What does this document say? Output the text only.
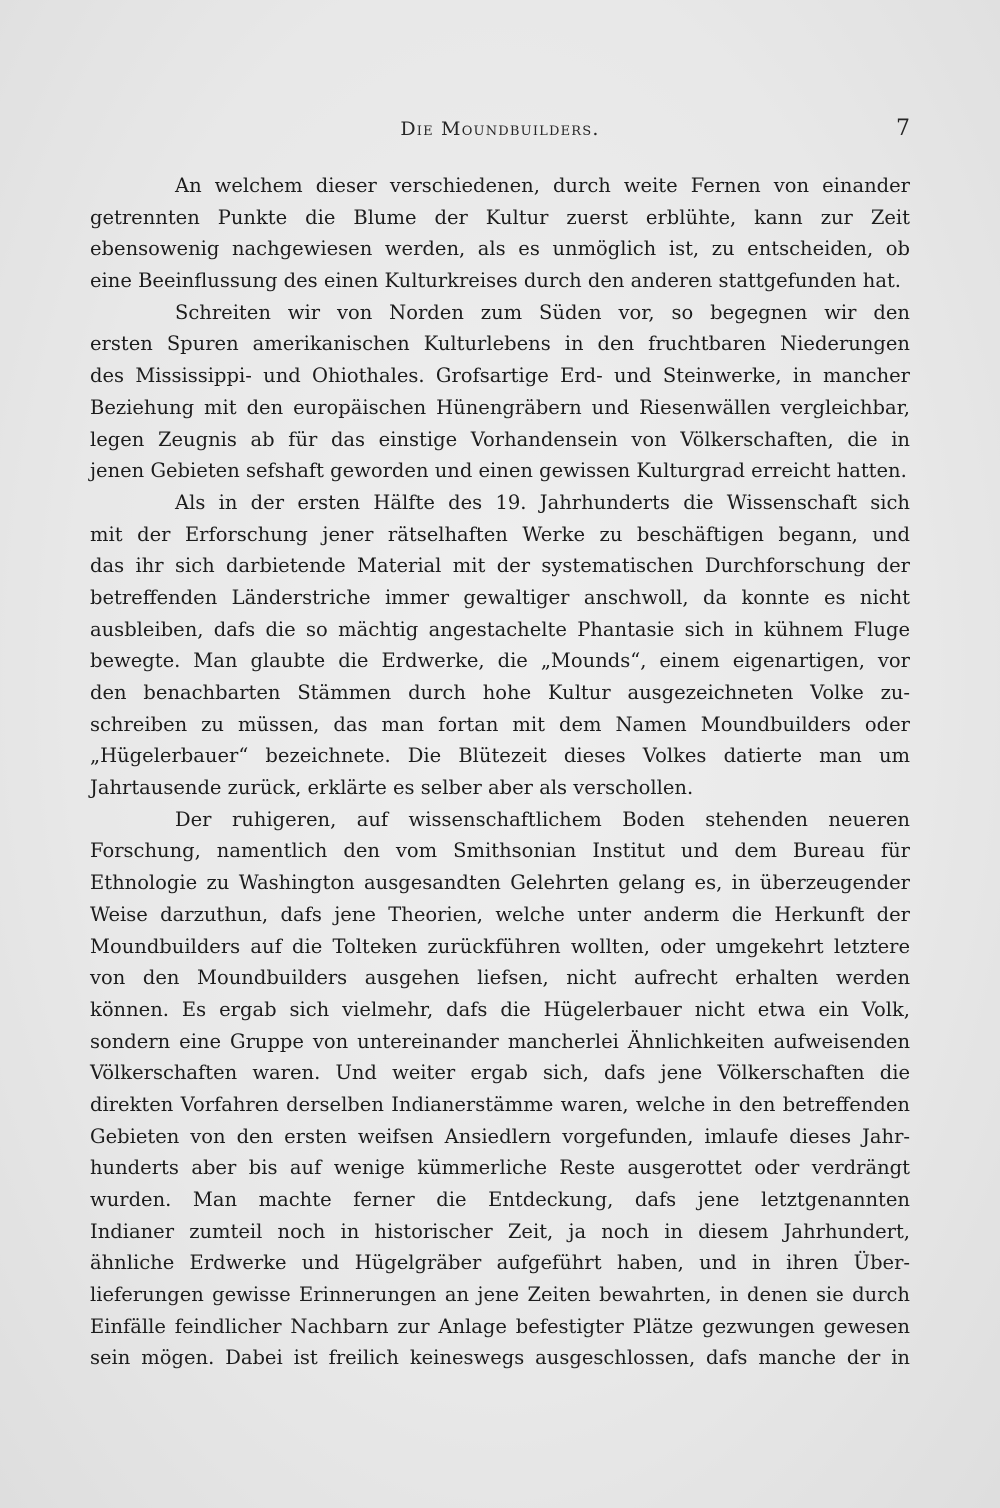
Die Moundbuilders.	7

An welchem dieser verschiedenen, durch weite Fernen von einander
getrennten Punkte die Blume der Kultur zuerst erblühte, kann zur Zeit
ebensowenig nachgewiesen werden, als es unmöglich ist, zu entscheiden, ob
eine Beeinflussung des einen Kulturkreises durch den anderen stattgefunden hat.

Schreiten wir von Norden zum Süden vor, so begegnen wir den
ersten Spuren amerikanischen Kulturlebens in den fruchtbaren Niederungen
des Mississippi- und Ohiothales. Grofsartige Erd- und Steinwerke, in mancher
Beziehung mit den europäischen Hünengräbern und Riesenwällen vergleichbar,
legen Zeugnis ab für das einstige Vorhandensein von Völkerschaften, die in
jenen Gebieten sefshaft geworden und einen gewissen Kulturgrad erreicht hatten.

Als in der ersten Hälfte des 19. Jahrhunderts die Wissenschaft sich
mit der Erforschung jener rätselhaften Werke zu beschäftigen begann, und
das ihr sich darbietende Material mit der systematischen Durchforschung der
betreffenden Länderstriche immer gewaltiger anschwoll, da konnte es nicht
ausbleiben, dafs die so mächtig angestachelte Phantasie sich in kühnem Fluge
bewegte. Man glaubte die Erdwerke, die „Mounds“, einem eigenartigen, vor
den benachbarten Stämmen durch hohe Kultur ausgezeichneten Volke zu-
schreiben zu müssen, das man fortan mit dem Namen Moundbuilders oder
„Hügelerbauer“ bezeichnete. Die Blütezeit dieses Volkes datierte man um
Jahrtausende zurück, erklärte es selber aber als verschollen.

Der ruhigeren, auf wissenschaftlichem Boden stehenden neueren
Forschung, namentlich den vom Smithsonian Institut und dem Bureau für
Ethnologie zu Washington ausgesandten Gelehrten gelang es, in überzeugender
Weise darzuthun, dafs jene Theorien, welche unter anderm die Herkunft der
Moundbuilders auf die Tolteken zurückführen wollten, oder umgekehrt letztere
von den Moundbuilders ausgehen liefsen, nicht aufrecht erhalten werden
können. Es ergab sich vielmehr, dafs die Hügelerbauer nicht etwa ein Volk,
sondern eine Gruppe von untereinander mancherlei Ähnlichkeiten aufweisenden
Völkerschaften waren. Und weiter ergab sich, dafs jene Völkerschaften die
direkten Vorfahren derselben Indianerstämme waren, welche in den betreffenden
Gebieten von den ersten weifsen Ansiedlern vorgefunden, imlaufe dieses Jahr-
hunderts aber bis auf wenige kümmerliche Reste ausgerottet oder verdrängt
wurden. Man machte ferner die Entdeckung, dafs jene letztgenannten
Indianer zumteil noch in historischer Zeit, ja noch in diesem Jahrhundert,
ähnliche Erdwerke und Hügelgräber aufgeführt haben, und in ihren Über-
lieferungen gewisse Erinnerungen an jene Zeiten bewahrten, in denen sie durch
Einfälle feindlicher Nachbarn zur Anlage befestigter Plätze gezwungen gewesen
sein mögen. Dabei ist freilich keineswegs ausgeschlossen, dafs manche der in
